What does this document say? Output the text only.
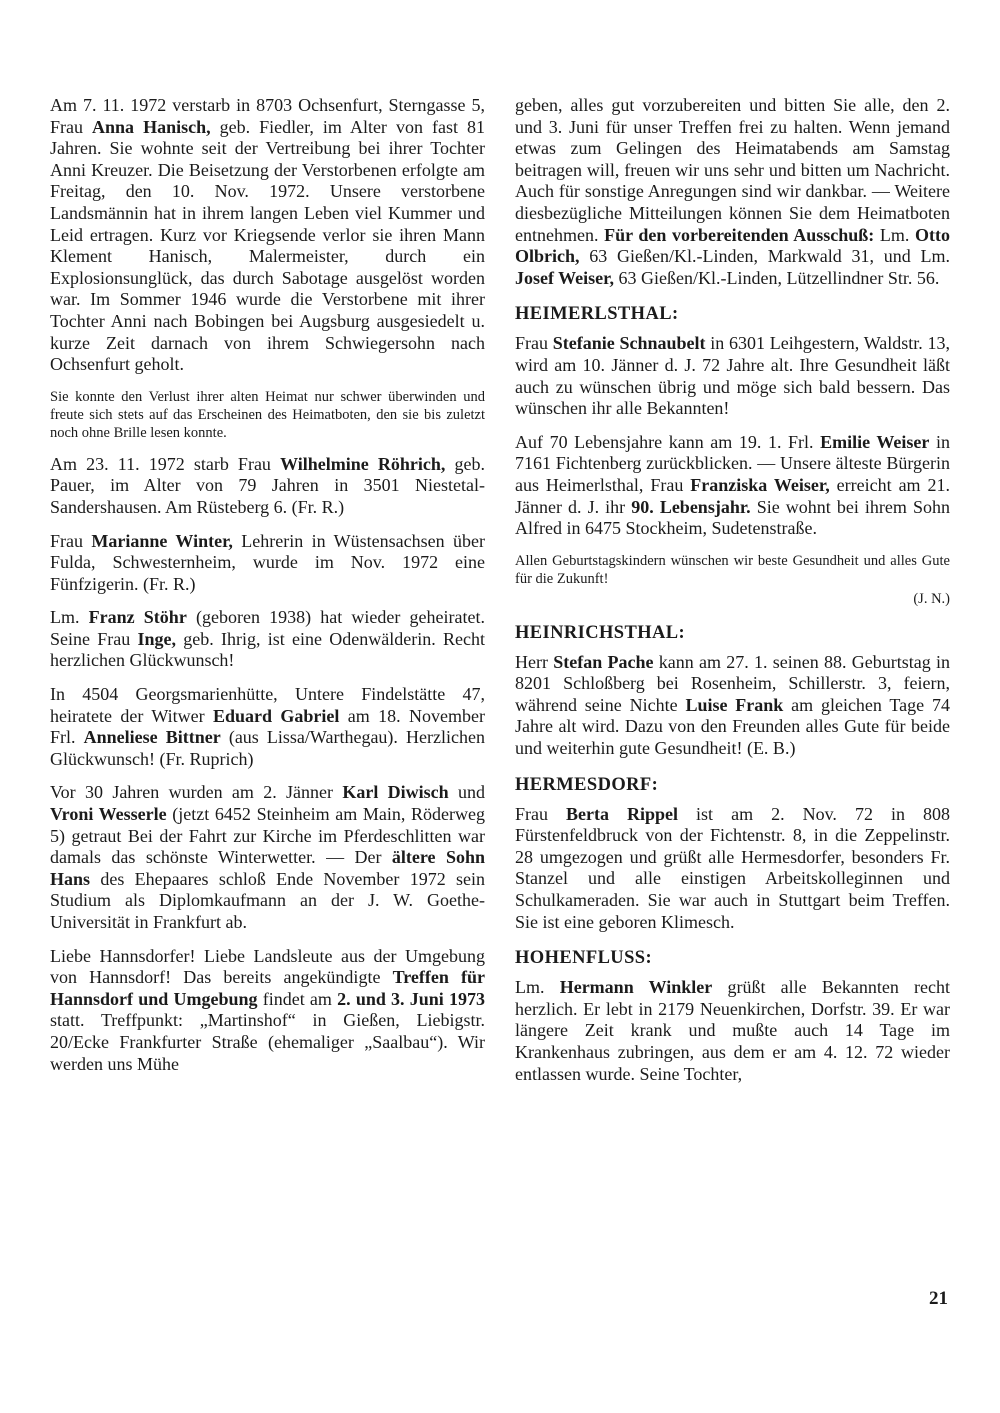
Am 7. 11. 1972 verstarb in 8703 Ochsenfurt, Sterngasse 5, Frau Anna Hanisch, geb. Fiedler, im Alter von fast 81 Jahren. Sie wohnte seit der Vertreibung bei ihrer Tochter Anni Kreuzer. Die Beisetzung der Verstorbenen erfolgte am Freitag, den 10. Nov. 1972. Unsere verstorbene Landsmännin hat in ihrem langen Leben viel Kummer und Leid ertragen. Kurz vor Kriegsende verlor sie ihren Mann Klement Hanisch, Malermeister, durch ein Explosionsunglück, das durch Sabotage ausgelöst worden war. Im Sommer 1946 wurde die Verstorbene mit ihrer Tochter Anni nach Bobingen bei Augsburg ausgesiedelt u. kurze Zeit darnach von ihrem Schwiegersohn nach Ochsenfurt geholt.

Sie konnte den Verlust ihrer alten Heimat nur schwer überwinden und freute sich stets auf das Erscheinen des Heimatboten, den sie bis zuletzt noch ohne Brille lesen konnte.

Am 23. 11. 1972 starb Frau Wilhelmine Röhrich, geb. Pauer, im Alter von 79 Jahren in 3501 Niestetal-Sandershausen. Am Rüsteberg 6. (Fr. R.)

Frau Marianne Winter, Lehrerin in Wüstensachsen über Fulda, Schwesternheim, wurde im Nov. 1972 eine Fünfzigerin. (Fr. R.)

Lm. Franz Stöhr (geboren 1938) hat wieder geheiratet. Seine Frau Inge, geb. Ihrig, ist eine Odenwälderin. Recht herzlichen Glückwunsch!

In 4504 Georgsmarienhütte, Untere Findelstätte 47, heiratete der Witwer Eduard Gabriel am 18. November Frl. Anneliese Bittner (aus Lissa/Warthegau). Herzlichen Glückwunsch! (Fr. Ruprich)

Vor 30 Jahren wurden am 2. Jänner Karl Diwisch und Vroni Wesserle (jetzt 6452 Steinheim am Main, Röderweg 5) getraut Bei der Fahrt zur Kirche im Pferdeschlitten war damals das schönste Winterwetter. — Der ältere Sohn Hans des Ehepaares schloß Ende November 1972 sein Studium als Diplomkaufmann an der J. W. Goethe-Universität in Frankfurt ab.

Liebe Hannsdorfer! Liebe Landsleute aus der Umgebung von Hannsdorf! Das bereits angekündigte Treffen für Hannsdorf und Umgebung findet am 2. und 3. Juni 1973 statt. Treffpunkt: „Martinshof“ in Gießen, Liebigstr. 20/Ecke Frankfurter Straße (ehemaliger „Saalbau“). Wir werden uns Mühe

geben, alles gut vorzubereiten und bitten Sie alle, den 2. und 3. Juni für unser Treffen frei zu halten. Wenn jemand etwas zum Gelingen des Heimatabends am Samstag beitragen will, freuen wir uns sehr und bitten um Nachricht. Auch für sonstige Anregungen sind wir dankbar. — Weitere diesbezügliche Mitteilungen können Sie dem Heimatboten entnehmen. Für den vorbereitenden Ausschuß: Lm. Otto Olbrich, 63 Gießen/Kl.-Linden, Markwald 31, und Lm. Josef Weiser, 63 Gießen/Kl.-Linden, Lützellindner Str. 56.

HEIMERLSTHAL:

Frau Stefanie Schnaubelt in 6301 Leihgestern, Waldstr. 13, wird am 10. Jänner d. J. 72 Jahre alt. Ihre Gesundheit läßt auch zu wünschen übrig und möge sich bald bessern. Das wünschen ihr alle Bekannten!

Auf 70 Lebensjahre kann am 19. 1. Frl. Emilie Weiser in 7161 Fichtenberg zurückblicken. — Unsere älteste Bürgerin aus Heimerlsthal, Frau Franziska Weiser, erreicht am 21. Jänner d. J. ihr 90. Lebensjahr. Sie wohnt bei ihrem Sohn Alfred in 6475 Stockheim, Sudetenstraße.

Allen Geburtstagskindern wünschen wir beste Gesundheit und alles Gute für die Zukunft!

(J. N.)

HEINRICHSTHAL:

Herr Stefan Pache kann am 27. 1. seinen 88. Geburtstag in 8201 Schloßberg bei Rosenheim, Schillerstr. 3, feiern, während seine Nichte Luise Frank am gleichen Tage 74 Jahre alt wird. Dazu von den Freunden alles Gute für beide und weiterhin gute Gesundheit! (E. B.)

HERMESDORF:

Frau Berta Rippel ist am 2. Nov. 72 in 808 Fürstenfeldbruck von der Fichtenstr. 8, in die Zeppelinstr. 28 umgezogen und grüßt alle Hermesdorfer, besonders Fr. Stanzel und alle einstigen Arbeitskolleginnen und Schulkameraden. Sie war auch in Stuttgart beim Treffen. Sie ist eine geboren Klimesch.

HOHENFLUSS:

Lm. Hermann Winkler grüßt alle Bekannten recht herzlich. Er lebt in 2179 Neuenkirchen, Dorfstr. 39. Er war längere Zeit krank und mußte auch 14 Tage im Krankenhaus zubringen, aus dem er am 4. 12. 72 wieder entlassen wurde. Seine Tochter,

21
